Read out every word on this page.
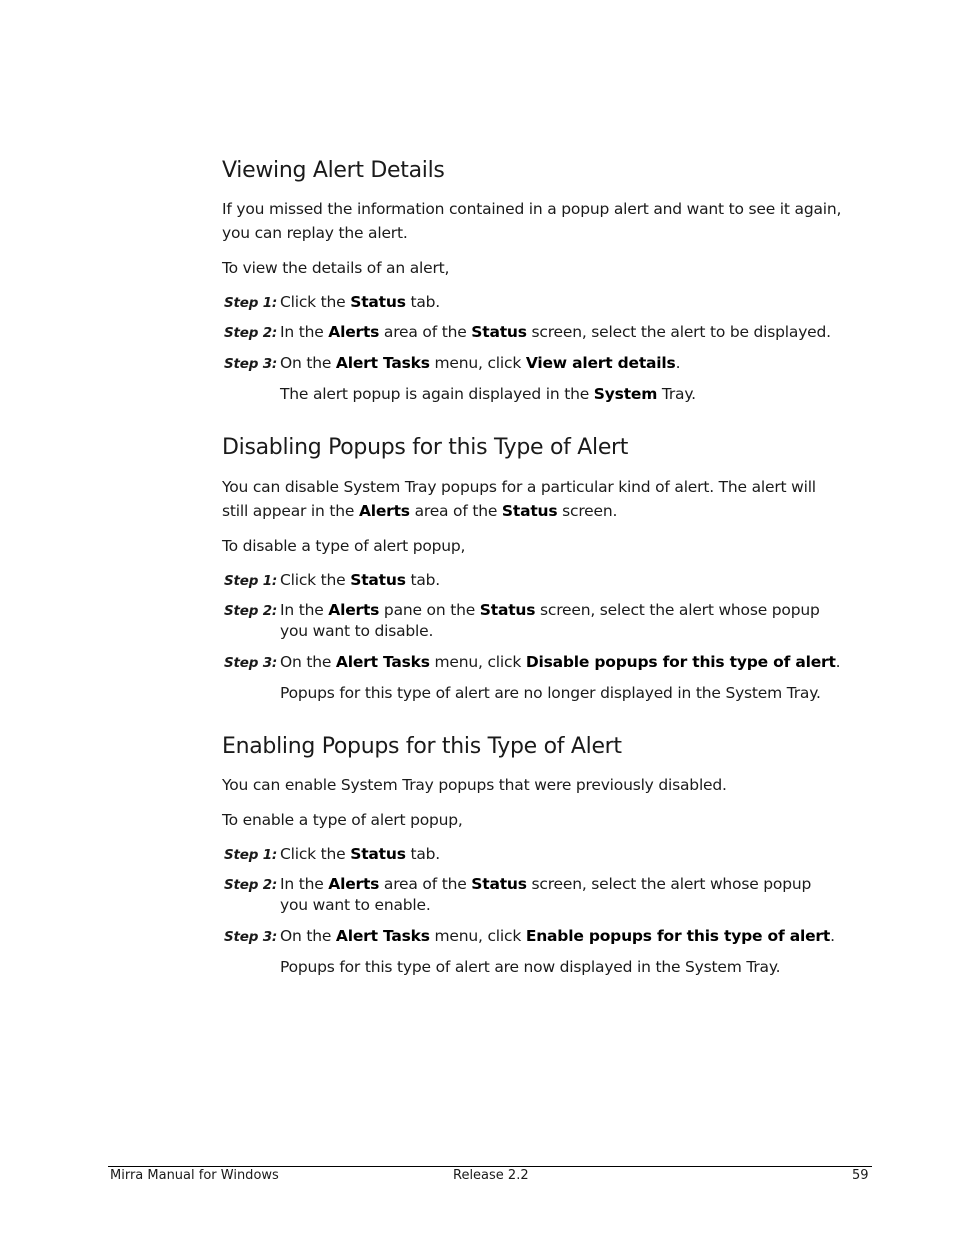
Viewing Alert Details

If you missed the information contained in a popup alert and want to see it again, you can replay the alert.

To view the details of an alert,

Step 1: Click the Status tab.
Step 2: In the Alerts area of the Status screen, select the alert to be displayed.
Step 3: On the Alert Tasks menu, click View alert details.
The alert popup is again displayed in the System Tray.
Disabling Popups for this Type of Alert

You can disable System Tray popups for a particular kind of alert. The alert will still appear in the Alerts area of the Status screen.

To disable a type of alert popup,

Step 1: Click the Status tab.
Step 2: In the Alerts pane on the Status screen, select the alert whose popup you want to disable.
Step 3: On the Alert Tasks menu, click Disable popups for this type of alert.
Popups for this type of alert are no longer displayed in the System Tray.
Enabling Popups for this Type of Alert

You can enable System Tray popups that were previously disabled.

To enable a type of alert popup,

Step 1: Click the Status tab.
Step 2: In the Alerts area of the Status screen, select the alert whose popup you want to enable.
Step 3: On the Alert Tasks menu, click Enable popups for this type of alert.
Popups for this type of alert are now displayed in the System Tray.
Mirra Manual for Windows	Release 2.2	59
